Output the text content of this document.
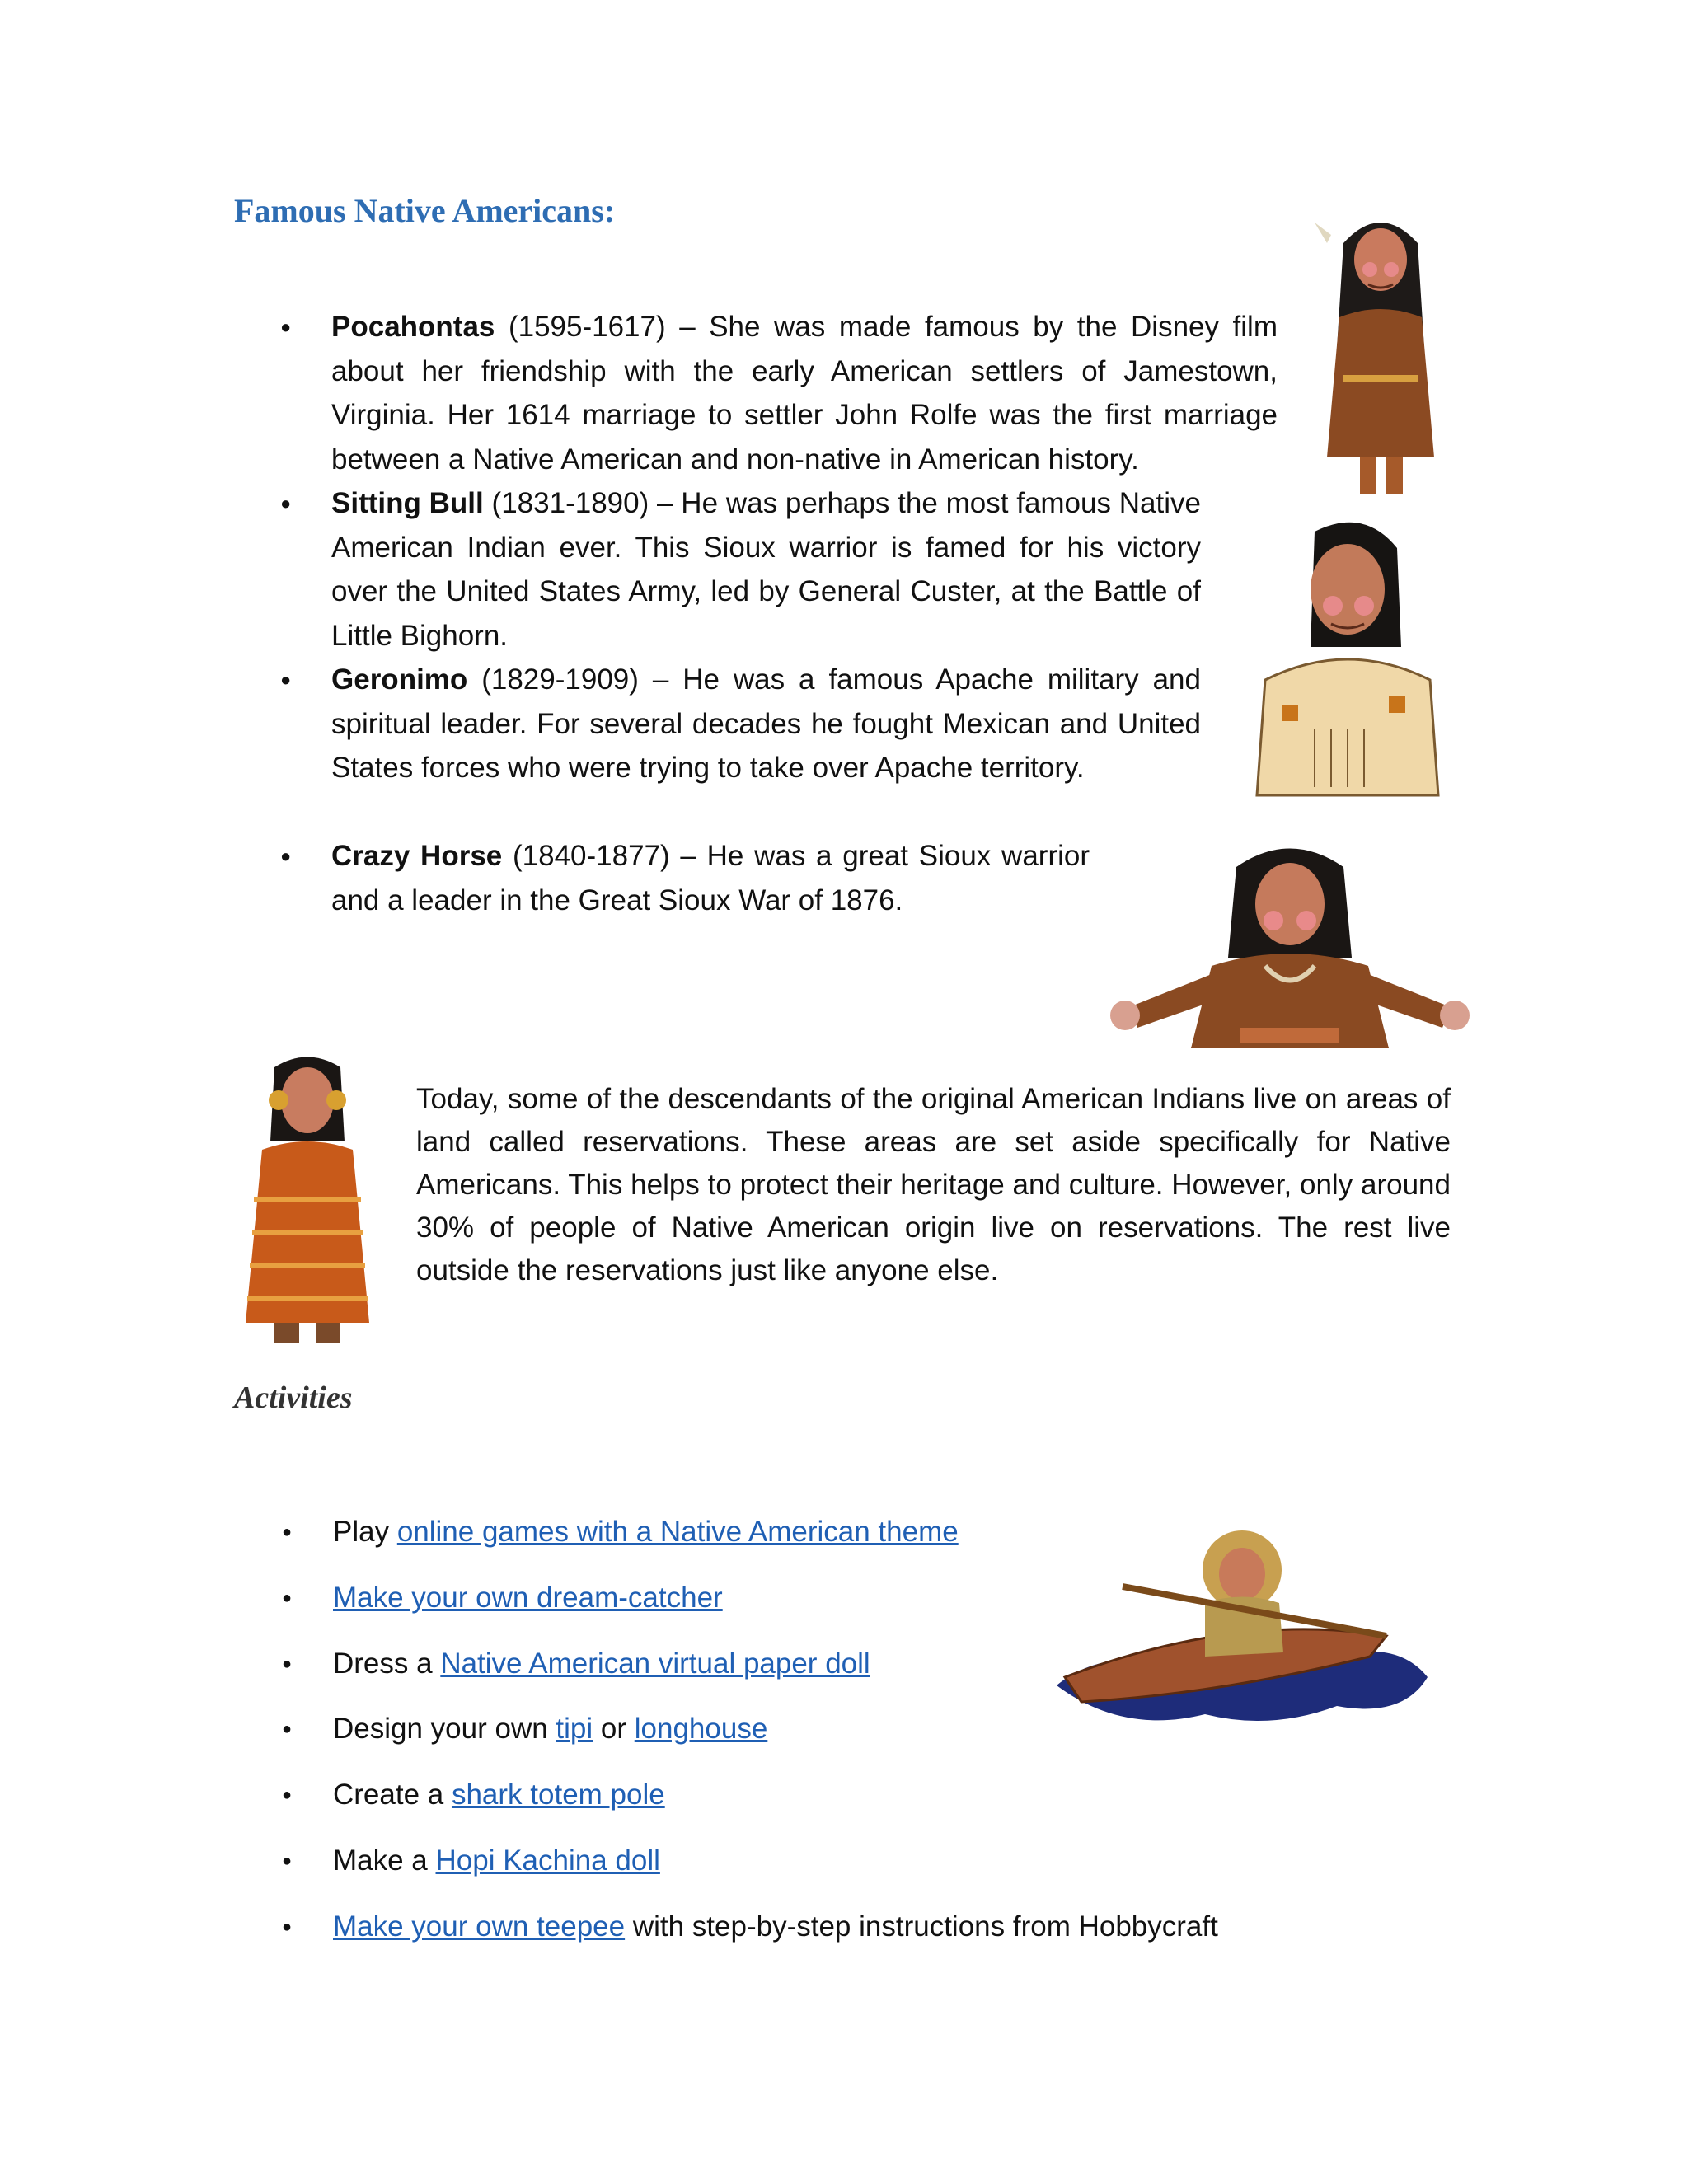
Famous Native Americans:
● Pocahontas (1595-1617) – She was made famous by the Disney film about her friendship with the early American settlers of Jamestown, Virginia. Her 1614 marriage to settler John Rolfe was the first marriage between a Native American and non-native in American history.
● Sitting Bull (1831-1890) – He was perhaps the most famous Native American Indian ever. This Sioux warrior is famed for his victory over the United States Army, led by General Custer, at the Battle of Little Bighorn.
● Geronimo (1829-1909) – He was a famous Apache military and spiritual leader. For several decades he fought Mexican and United States forces who were trying to take over Apache territory.
● Crazy Horse (1840-1877) – He was a great Sioux warrior and a leader in the Great Sioux War of 1876.
Today, some of the descendants of the original American Indians live on areas of land called reservations. These areas are set aside specifically for Native Americans. This helps to protect their heritage and culture. However, only around 30% of people of Native American origin live on reservations. The rest live outside the reservations just like anyone else.
Activities
● Play online games with a Native American theme
● Make your own dream-catcher
● Dress a Native American virtual paper doll
● Design your own tipi or longhouse
● Create a shark totem pole
● Make a Hopi Kachina doll
● Make your own teepee with step-by-step instructions from Hobbycraft
